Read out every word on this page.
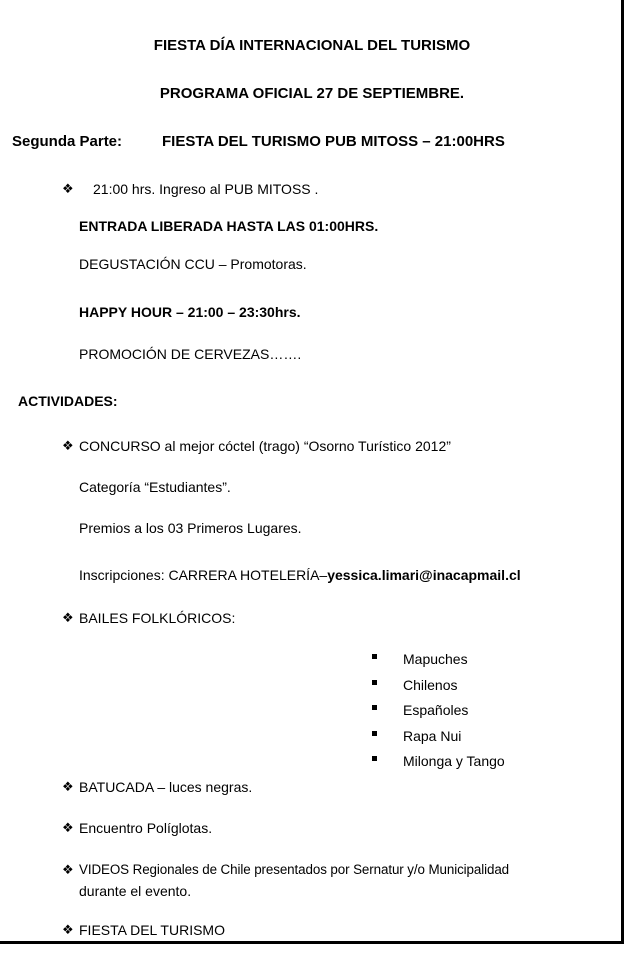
FIESTA DÍA INTERNACIONAL DEL TURISMO
PROGRAMA OFICIAL 27 DE SEPTIEMBRE.
Segunda Parte:	FIESTA DEL TURISMO PUB MITOSS – 21:00HRS
❖ 21:00 hrs. Ingreso al PUB MITOSS .
ENTRADA LIBERADA HASTA LAS 01:00HRS.
DEGUSTACIÓN CCU – Promotoras.
HAPPY HOUR – 21:00 – 23:30hrs.
PROMOCIÓN DE CERVEZAS…….
ACTIVIDADES:
❖ CONCURSO al mejor cóctel (trago) “Osorno Turístico 2012”
Categoría “Estudiantes”.
Premios a los 03 Primeros Lugares.
Inscripciones: CARRERA HOTELERÍA–yessica.limari@inacapmail.cl
❖ BAILES FOLKLÓRICOS:
Mapuches
Chilenos
Españoles
Rapa Nui
Milonga y Tango
❖ BATUCADA – luces negras.
❖ Encuentro Políglotas.
❖ VIDEOS Regionales de Chile presentados por Sernatur y/o Municipalidad
durante el evento.
❖ FIESTA DEL TURISMO
